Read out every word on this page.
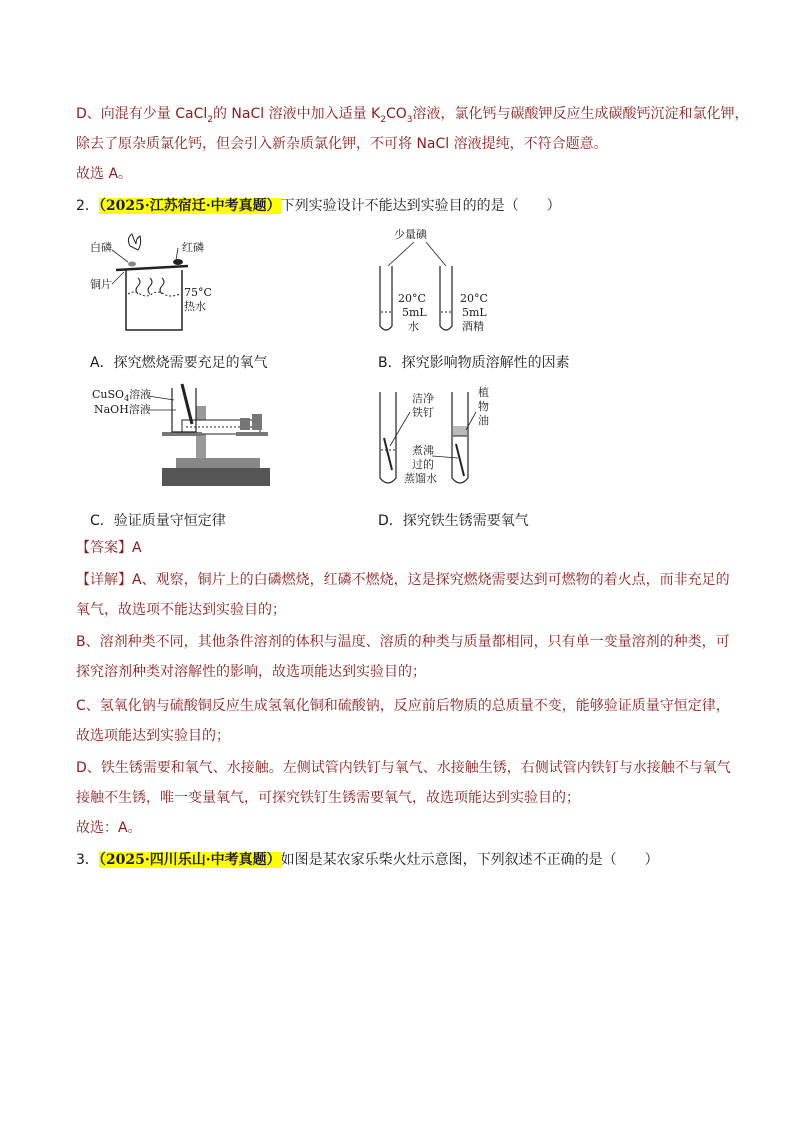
D、向混有少量 CaCl$_2$的 NaCl 溶液中加入适量 $K_2CO_3$溶液，氯化钙与碳酸钾反应生成碳酸钙沉淀和氯化钾，
除去了原杂质氯化钙，但会引入新杂质氯化钾，不可将 NaCl 溶液提纯，不符合题意。
故选 A。
2．（2025·江苏宿迁·中考真题）下列实验设计不能达到实验目的的是（　　）
白磷	红磷
铜片
75°C
热水
A．探究燃烧需要充足的氧气
少量碘
20°C
5mL
水
20°C
5mL
酒精
B．探究影响物质溶解性的因素
CuSO$_4$溶液
NaOH溶液
C．验证质量守恒定律
洁净
铁钉
煮沸
过的
蒸馏水
植
物
油
D．探究铁生锈需要氧气
【答案】A
【详解】A、观察，铜片上的白磷燃烧，红磷不燃烧，这是探究燃烧需要达到可燃物的着火点，而非充足的
氧气，故选项不能达到实验目的；
B、溶剂种类不同，其他条件溶剂的体积与温度、溶质的种类与质量都相同，只有单一变量溶剂的种类，可
探究溶剂种类对溶解性的影响，故选项能达到实验目的；
C、氢氧化钠与硫酸铜反应生成氢氧化铜和硫酸钠，反应前后物质的总质量不变，能够验证质量守恒定律，
故选项能达到实验目的；
D、铁生锈需要和氧气、水接触。左侧试管内铁钉与氧气、水接触生锈，右侧试管内铁钉与水接触不与氧气
接触不生锈，唯一变量氧气，可探究铁钉生锈需要氧气，故选项能达到实验目的；
故选：A。
3．（2025·四川乐山·中考真题）如图是某农家乐柴火灶示意图，下列叙述不正确的是（　　）
